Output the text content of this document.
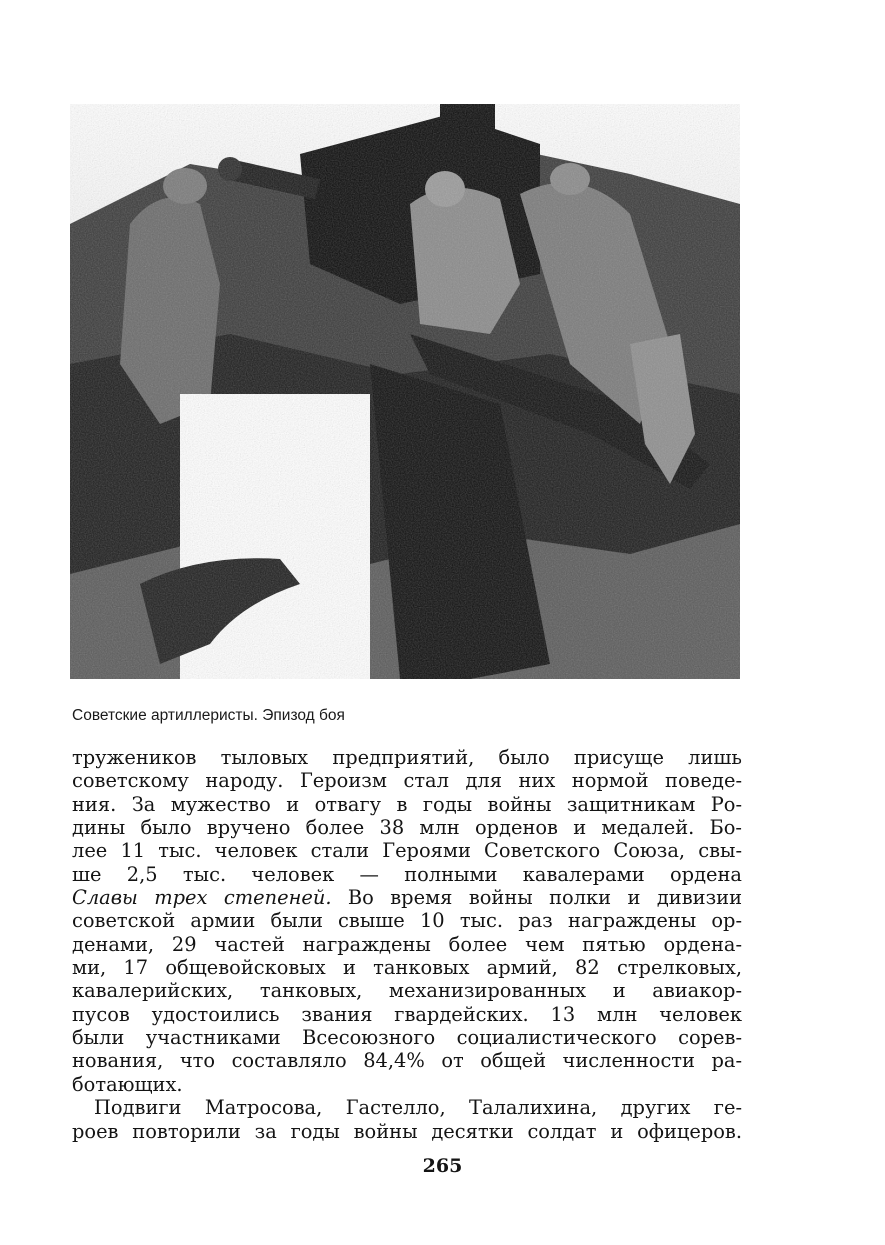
Советские артиллеристы. Эпизод боя
тружеников тыловых предприятий, было присуще лишь
советскому народу. Героизм стал для них нормой поведе-
ния. За мужество и отвагу в годы войны защитникам Ро-
дины было вручено более 38 млн орденов и медалей. Бо-
лее 11 тыс. человек стали Героями Советского Союза, свы-
ше 2,5 тыс. человек — полными кавалерами ордена
Славы трех степеней. Во время войны полки и дивизии
советской армии были свыше 10 тыс. раз награждены ор-
денами, 29 частей награждены более чем пятью ордена-
ми, 17 общевойсковых и танковых армий, 82 стрелковых,
кавалерийских, танковых, механизированных и авиакор-
пусов удостоились звания гвардейских. 13 млн человек
были участниками Всесоюзного социалистического сорев-
нования, что составляло 84,4% от общей численности ра-
ботающих.
Подвиги Матросова, Гастелло, Талалихина, других ге-
роев повторили за годы войны десятки солдат и офицеров.
265
